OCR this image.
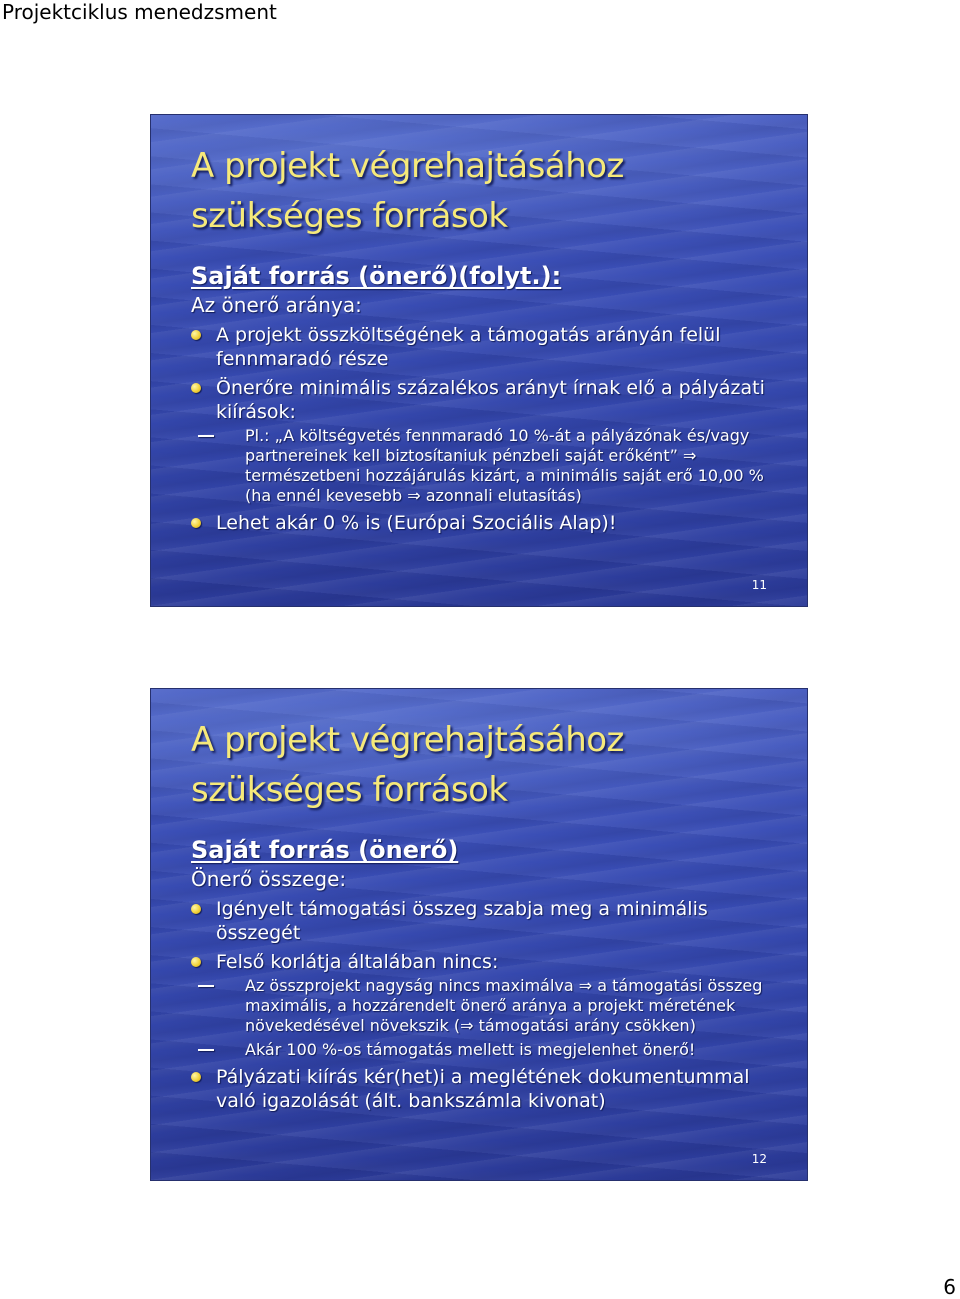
Projektciklus menedzsment
A projekt végrehajtásához
szükséges források

Saját forrás (önerő)(folyt.):

Az önerő aránya:

A projekt összköltségének a támogatás arányán felül fennmaradó része
Önerőre minimális százalékos arányt írnak elő a pályázati kiírások:
Pl.: „A költségvetés fennmaradó 10 %-át a pályázónak és/vagy partnereinek kell biztosítaniuk pénzbeli saját erőként” ⇒ természetbeni hozzájárulás kizárt, a minimális saját erő 10,00 % (ha ennél kevesebb ⇒ azonnali elutasítás)
Lehet akár 0 % is (Európai Szociális Alap)!
11
A projekt végrehajtásához
szükséges források

Saját forrás (önerő)

Önerő összege:

Igényelt támogatási összeg szabja meg a minimális összegét
Felső korlátja általában nincs:
Az összprojekt nagyság nincs maximálva ⇒ a támogatási összeg maximális, a hozzárendelt önerő aránya a projekt méretének növekedésével növekszik (⇒ támogatási arány csökken)
Akár 100 %-os támogatás mellett is megjelenhet önerő!
Pályázati kiírás kér(het)i a meglétének dokumentummal való igazolását (ált. bankszámla kivonat)
12
6
